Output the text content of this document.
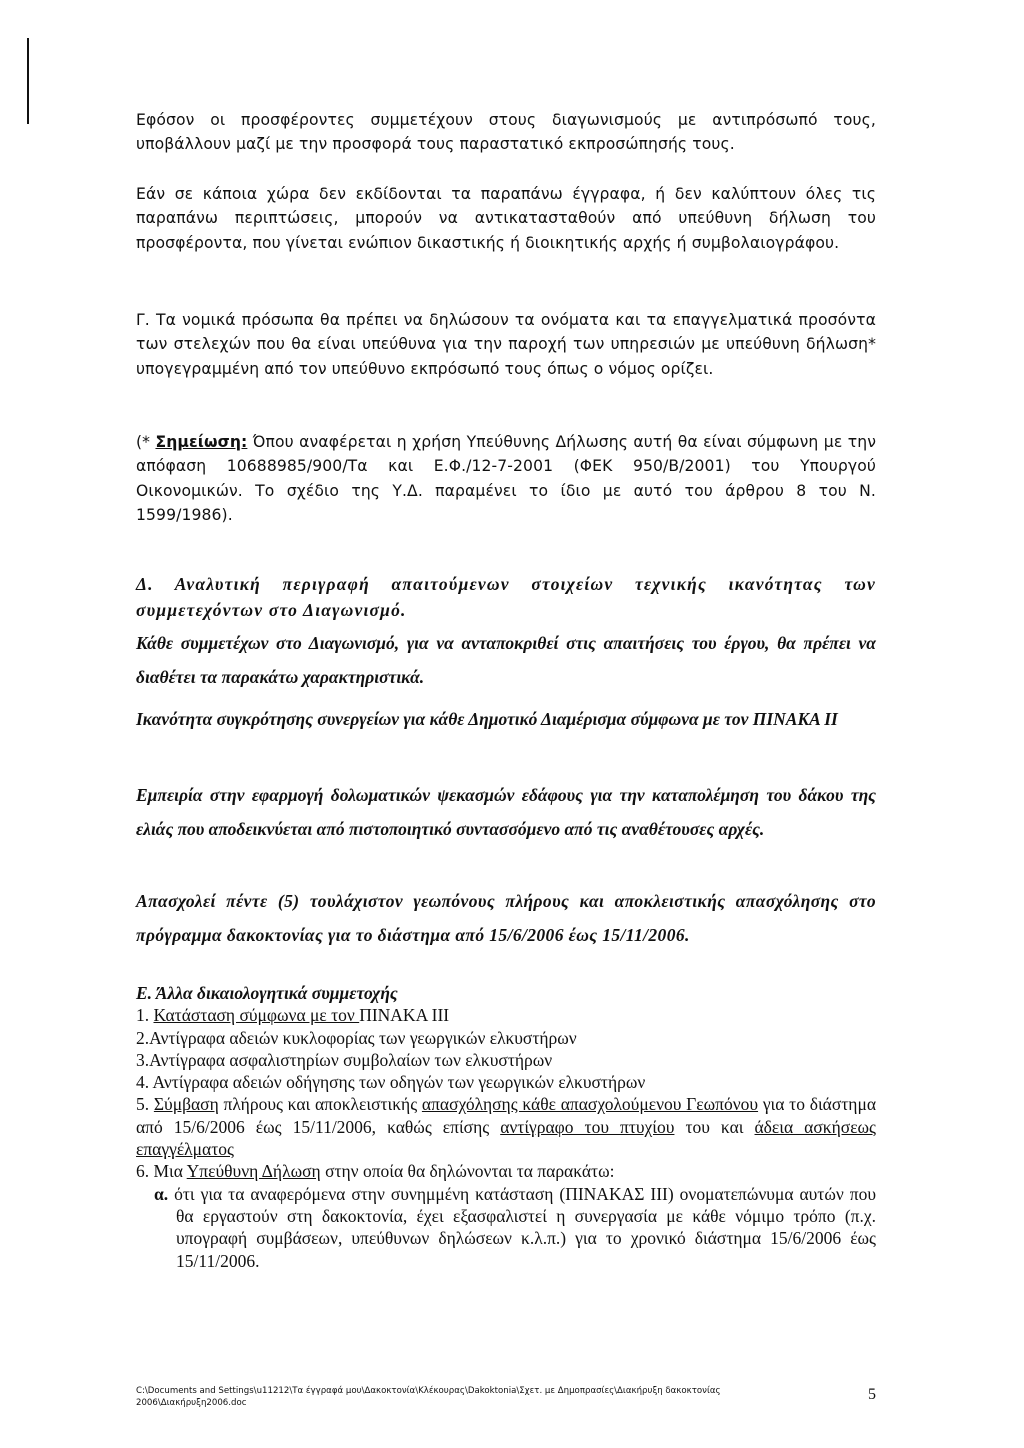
Εφόσον οι προσφέροντες συμμετέχουν στους διαγωνισμούς με αντιπρόσωπό τους, υποβάλλουν μαζί με την προσφορά τους παραστατικό εκπροσώπησής τους.

Εάν σε κάποια χώρα δεν εκδίδονται τα παραπάνω έγγραφα, ή δεν καλύπτουν όλες τις παραπάνω περιπτώσεις, μπορούν να αντικατασταθούν από υπεύθυνη δήλωση του προσφέροντα, που γίνεται ενώπιον δικαστικής ή διοικητικής αρχής ή συμβολαιογράφου.

Γ. Τα νομικά πρόσωπα θα πρέπει να δηλώσουν τα ονόματα και τα επαγγελματικά προσόντα των στελεχών που θα είναι υπεύθυνα για την παροχή των υπηρεσιών με υπεύθυνη δήλωση* υπογεγραμμένη από τον υπεύθυνο εκπρόσωπό τους όπως ο νόμος ορίζει.

(* Σημείωση: Όπου αναφέρεται η χρήση Υπεύθυνης Δήλωσης αυτή θα είναι σύμφωνη με την απόφαση 10688985/900/Τα και Ε.Φ./12-7-2001 (ΦΕΚ 950/Β/2001) του Υπουργού Οικονομικών. Το σχέδιο της Υ.Δ. παραμένει το ίδιο με αυτό του άρθρου 8 του Ν. 1599/1986).

Δ. Αναλυτική περιγραφή απαιτούμενων στοιχείων τεχνικής ικανότητας των συμμετεχόντων στο Διαγωνισμό.

Κάθε συμμετέχων στο Διαγωνισμό, για να ανταποκριθεί στις απαιτήσεις του έργου, θα πρέπει να διαθέτει τα παρακάτω χαρακτηριστικά.

Ικανότητα συγκρότησης συνεργείων για κάθε Δημοτικό Διαμέρισμα σύμφωνα με τον ΠΙΝΑΚΑ ΙΙ

Εμπειρία στην εφαρμογή δολωματικών ψεκασμών εδάφους για την καταπολέμηση του δάκου της ελιάς που αποδεικνύεται από πιστοποιητικό συντασσόμενο από τις αναθέτουσες αρχές.

Απασχολεί πέντε (5) τουλάχιστον γεωπόνους πλήρους και αποκλειστικής απασχόλησης στο πρόγραμμα δακοκτονίας για το διάστημα από 15/6/2006 έως 15/11/2006.

Ε. Άλλα δικαιολογητικά συμμετοχής

1. Κατάσταση σύμφωνα με τον ΠΙΝΑΚΑ ΙΙΙ

2.Αντίγραφα αδειών κυκλοφορίας των γεωργικών ελκυστήρων

3.Αντίγραφα ασφαλιστηρίων συμβολαίων των ελκυστήρων

4. Αντίγραφα αδειών οδήγησης των οδηγών των γεωργικών ελκυστήρων

5. Σύμβαση πλήρους και αποκλειστικής απασχόλησης κάθε απασχολούμενου Γεωπόνου για το διάστημα από 15/6/2006 έως 15/11/2006, καθώς επίσης αντίγραφο του πτυχίου του και άδεια ασκήσεως επαγγέλματος

6. Μια Υπεύθυνη Δήλωση στην οποία θα δηλώνονται τα παρακάτω:

α. ότι για τα αναφερόμενα στην συνημμένη κατάσταση (ΠΙΝΑΚΑΣ ΙΙΙ) ονοματεπώνυμα αυτών που θα εργαστούν στη δακοκτονία, έχει εξασφαλιστεί η συνεργασία με κάθε νόμιμο τρόπο (π.χ. υπογραφή συμβάσεων, υπεύθυνων δηλώσεων κ.λ.π.) για το χρονικό διάστημα 15/6/2006 έως 15/11/2006.

C:\Documents and Settings\u11212\Τα έγγραφά μου\Δακοκτονία\Κλέκουρας\Dakoktonia\Σχετ. με Δημοπρασίες\Διακήρυξη δακοκτονίας 2006\Διακήρυξη2006.doc	5
